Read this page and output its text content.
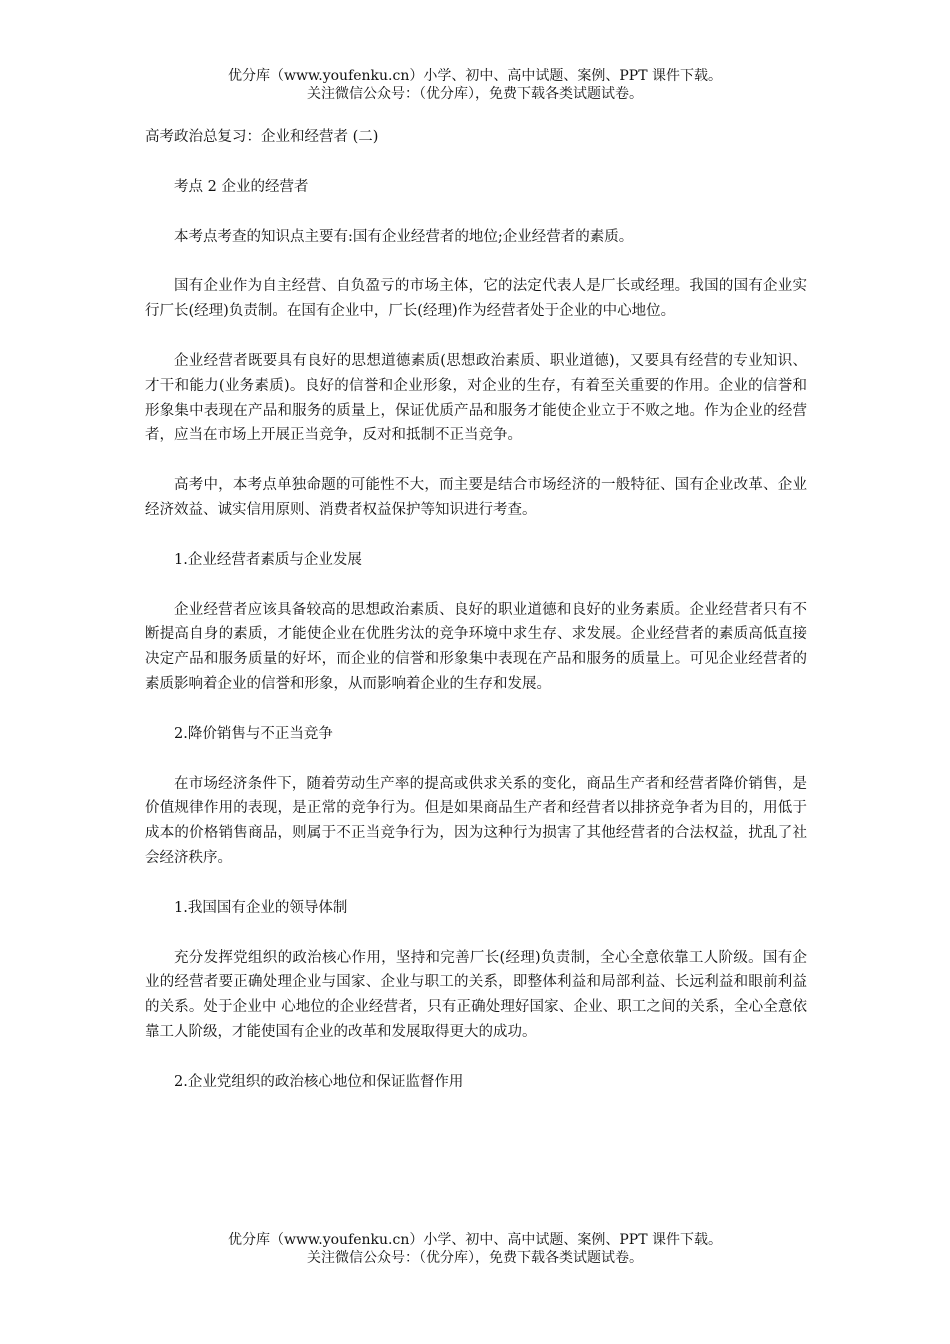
优分库（www.youfenku.cn）小学、初中、高中试题、案例、PPT 课件下载。
关注微信公众号：（优分库），免费下载各类试题试卷。

高考政治总复习：企业和经营者 (二)

考点 2 企业的经营者

本考点考查的知识点主要有:国有企业经营者的地位;企业经营者的素质。

国有企业作为自主经营、自负盈亏的市场主体，它的法定代表人是厂长或经理。我国的国有企业实行厂长(经理)负责制。在国有企业中，厂长(经理)作为经营者处于企业的中心地位。

企业经营者既要具有良好的思想道德素质(思想政治素质、职业道德)，又要具有经营的专业知识、才干和能力(业务素质)。良好的信誉和企业形象，对企业的生存，有着至关重要的作用。企业的信誉和形象集中表现在产品和服务的质量上，保证优质产品和服务才能使企业立于不败之地。作为企业的经营者，应当在市场上开展正当竞争，反对和抵制不正当竞争。

高考中，本考点单独命题的可能性不大，而主要是结合市场经济的一般特征、国有企业改革、企业经济效益、诚实信用原则、消费者权益保护等知识进行考查。

1.企业经营者素质与企业发展

企业经营者应该具备较高的思想政治素质、良好的职业道德和良好的业务素质。企业经营者只有不断提高自身的素质，才能使企业在优胜劣汰的竞争环境中求生存、求发展。企业经营者的素质高低直接决定产品和服务质量的好坏，而企业的信誉和形象集中表现在产品和服务的质量上。可见企业经营者的素质影响着企业的信誉和形象，从而影响着企业的生存和发展。

2.降价销售与不正当竞争

在市场经济条件下，随着劳动生产率的提高或供求关系的变化，商品生产者和经营者降价销售，是价值规律作用的表现，是正常的竞争行为。但是如果商品生产者和经营者以排挤竞争者为目的，用低于成本的价格销售商品，则属于不正当竞争行为，因为这种行为损害了其他经营者的合法权益，扰乱了社会经济秩序。

1.我国国有企业的领导体制

充分发挥党组织的政治核心作用，坚持和完善厂长(经理)负责制，全心全意依靠工人阶级。国有企业的经营者要正确处理企业与国家、企业与职工的关系，即整体利益和局部利益、长远利益和眼前利益的关系。处于企业中 心地位的企业经营者，只有正确处理好国家、企业、职工之间的关系，全心全意依靠工人阶级，才能使国有企业的改革和发展取得更大的成功。

2.企业党组织的政治核心地位和保证监督作用

优分库（www.youfenku.cn）小学、初中、高中试题、案例、PPT 课件下载。
关注微信公众号：（优分库），免费下载各类试题试卷。
